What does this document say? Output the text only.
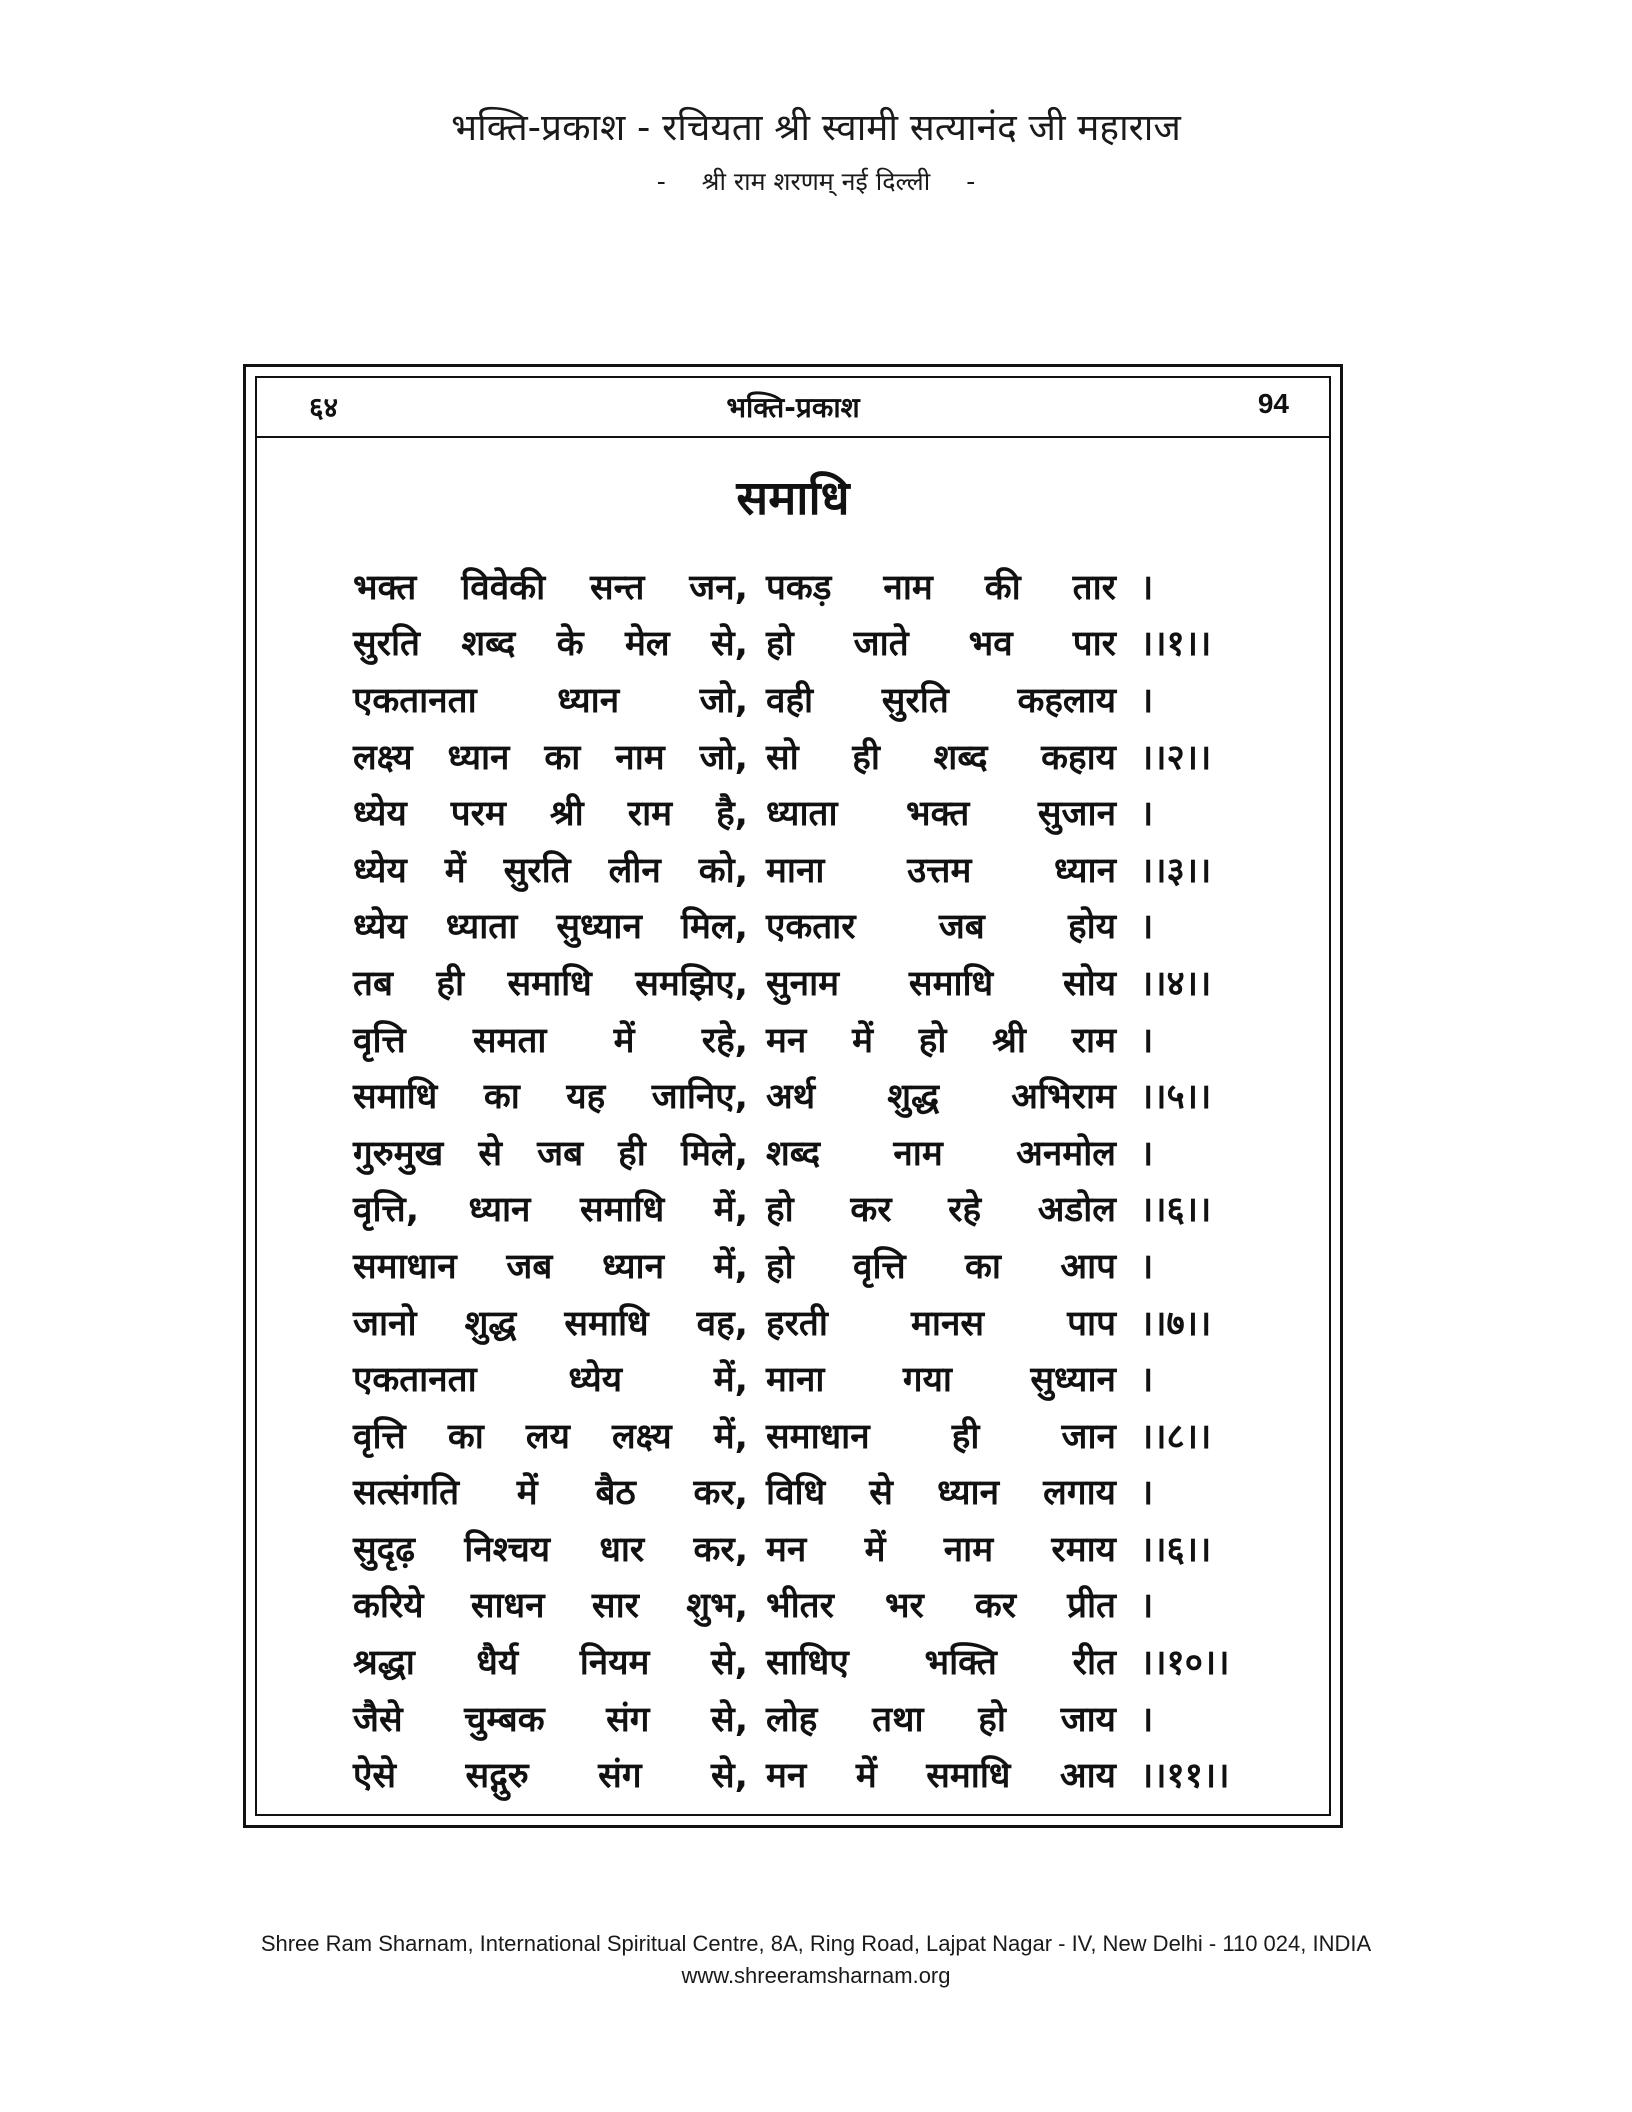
भक्ति-प्रकाश - रचियता श्री स्वामी सत्यानंद जी महाराज
- श्री राम शरणम् नई दिल्ली -
६४	भक्ति-प्रकाश	94
समाधि
भक्त विवेकी सन्त जन, पकड़ नाम की तार ।
सुरति शब्द के मेल से, हो जाते भव पार ।।१।।
एकतानता ध्यान जो, वही सुरति कहलाय ।
लक्ष्य ध्यान का नाम जो, सो ही शब्द कहाय ।।२।।
ध्येय परम श्री राम है, ध्याता भक्त सुजान ।
ध्येय में सुरति लीन को, माना उत्तम ध्यान ।।३।।
ध्येय ध्याता सुध्यान मिल, एकतार जब होय ।
तब ही समाधि समझिए, सुनाम समाधि सोय ।।४।।
वृत्ति समता में रहे, मन में हो श्री राम ।
समाधि का यह जानिए, अर्थ शुद्ध अभिराम ।।५।।
गुरुमुख से जब ही मिले, शब्द नाम अनमोल ।
वृत्ति, ध्यान समाधि में, हो कर रहे अडोल ।।६।।
समाधान जब ध्यान में, हो वृत्ति का आप ।
जानो शुद्ध समाधि वह, हरती मानस पाप ।।७।।
एकतानता	ध्येय	में, माना गया सुध्यान ।
वृत्ति का लय लक्ष्य में, समाधान ही जान ।।८।।
सत्संगति में बैठ कर, विधि से ध्यान लगाय ।
सुदृढ़ निश्चय धार कर, मन में नाम रमाय ।।६।।
करिये साधन सार शुभ, भीतर भर कर प्रीत ।
श्रद्धा धैर्य नियम से, साधिए भक्ति रीत ।।१०।।
जैसे चुम्बक संग से, लोह तथा हो जाय ।
ऐसे सद्गुरु संग से, मन में समाधि आय ।।११।।
Shree Ram Sharnam, International Spiritual Centre, 8A, Ring Road, Lajpat Nagar - IV, New Delhi - 110 024, INDIA
www.shreeramsharnam.org
